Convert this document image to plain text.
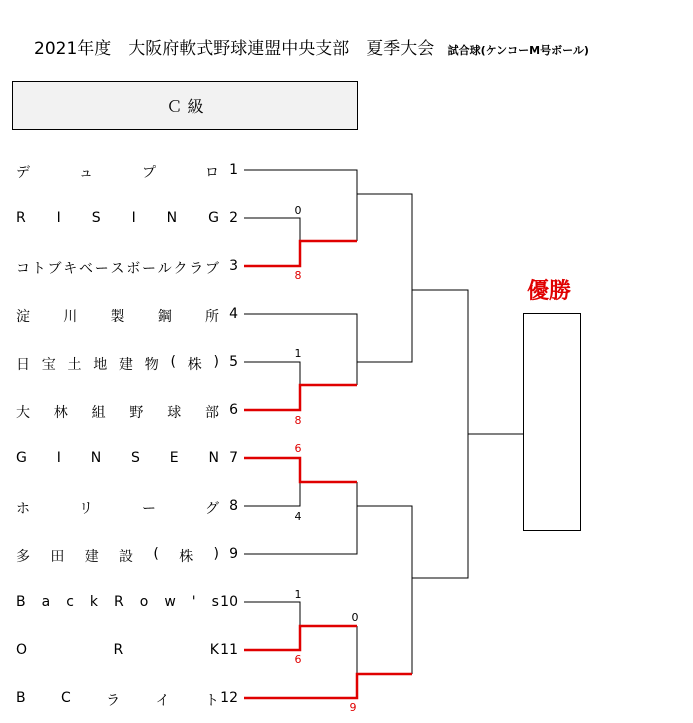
2021年度　大阪府軟式野球連盟中央支部　夏季大会 試合球(ケンコーM号ボール)
Ｃ 級
デ	ュ	プ	ロ 1
R I S I N G 2
コ ト ブ キ ベ ー ス ボ ー ル ク ラ ブ 3
淀 川 製 鋼 所 4
日 宝 土 地 建 物 ( 株 ) 5
大 林 組 野 球 部 6
G I N S E N 7
ホ	リ	ー	グ 8
多 田 建 設 ( 株 ) 9
B a c k R o w ' s 10
O	R	K 11
B	C	ラ	イ	ト 12
0
8
1
8
6
4
1
6
0
9
優勝
